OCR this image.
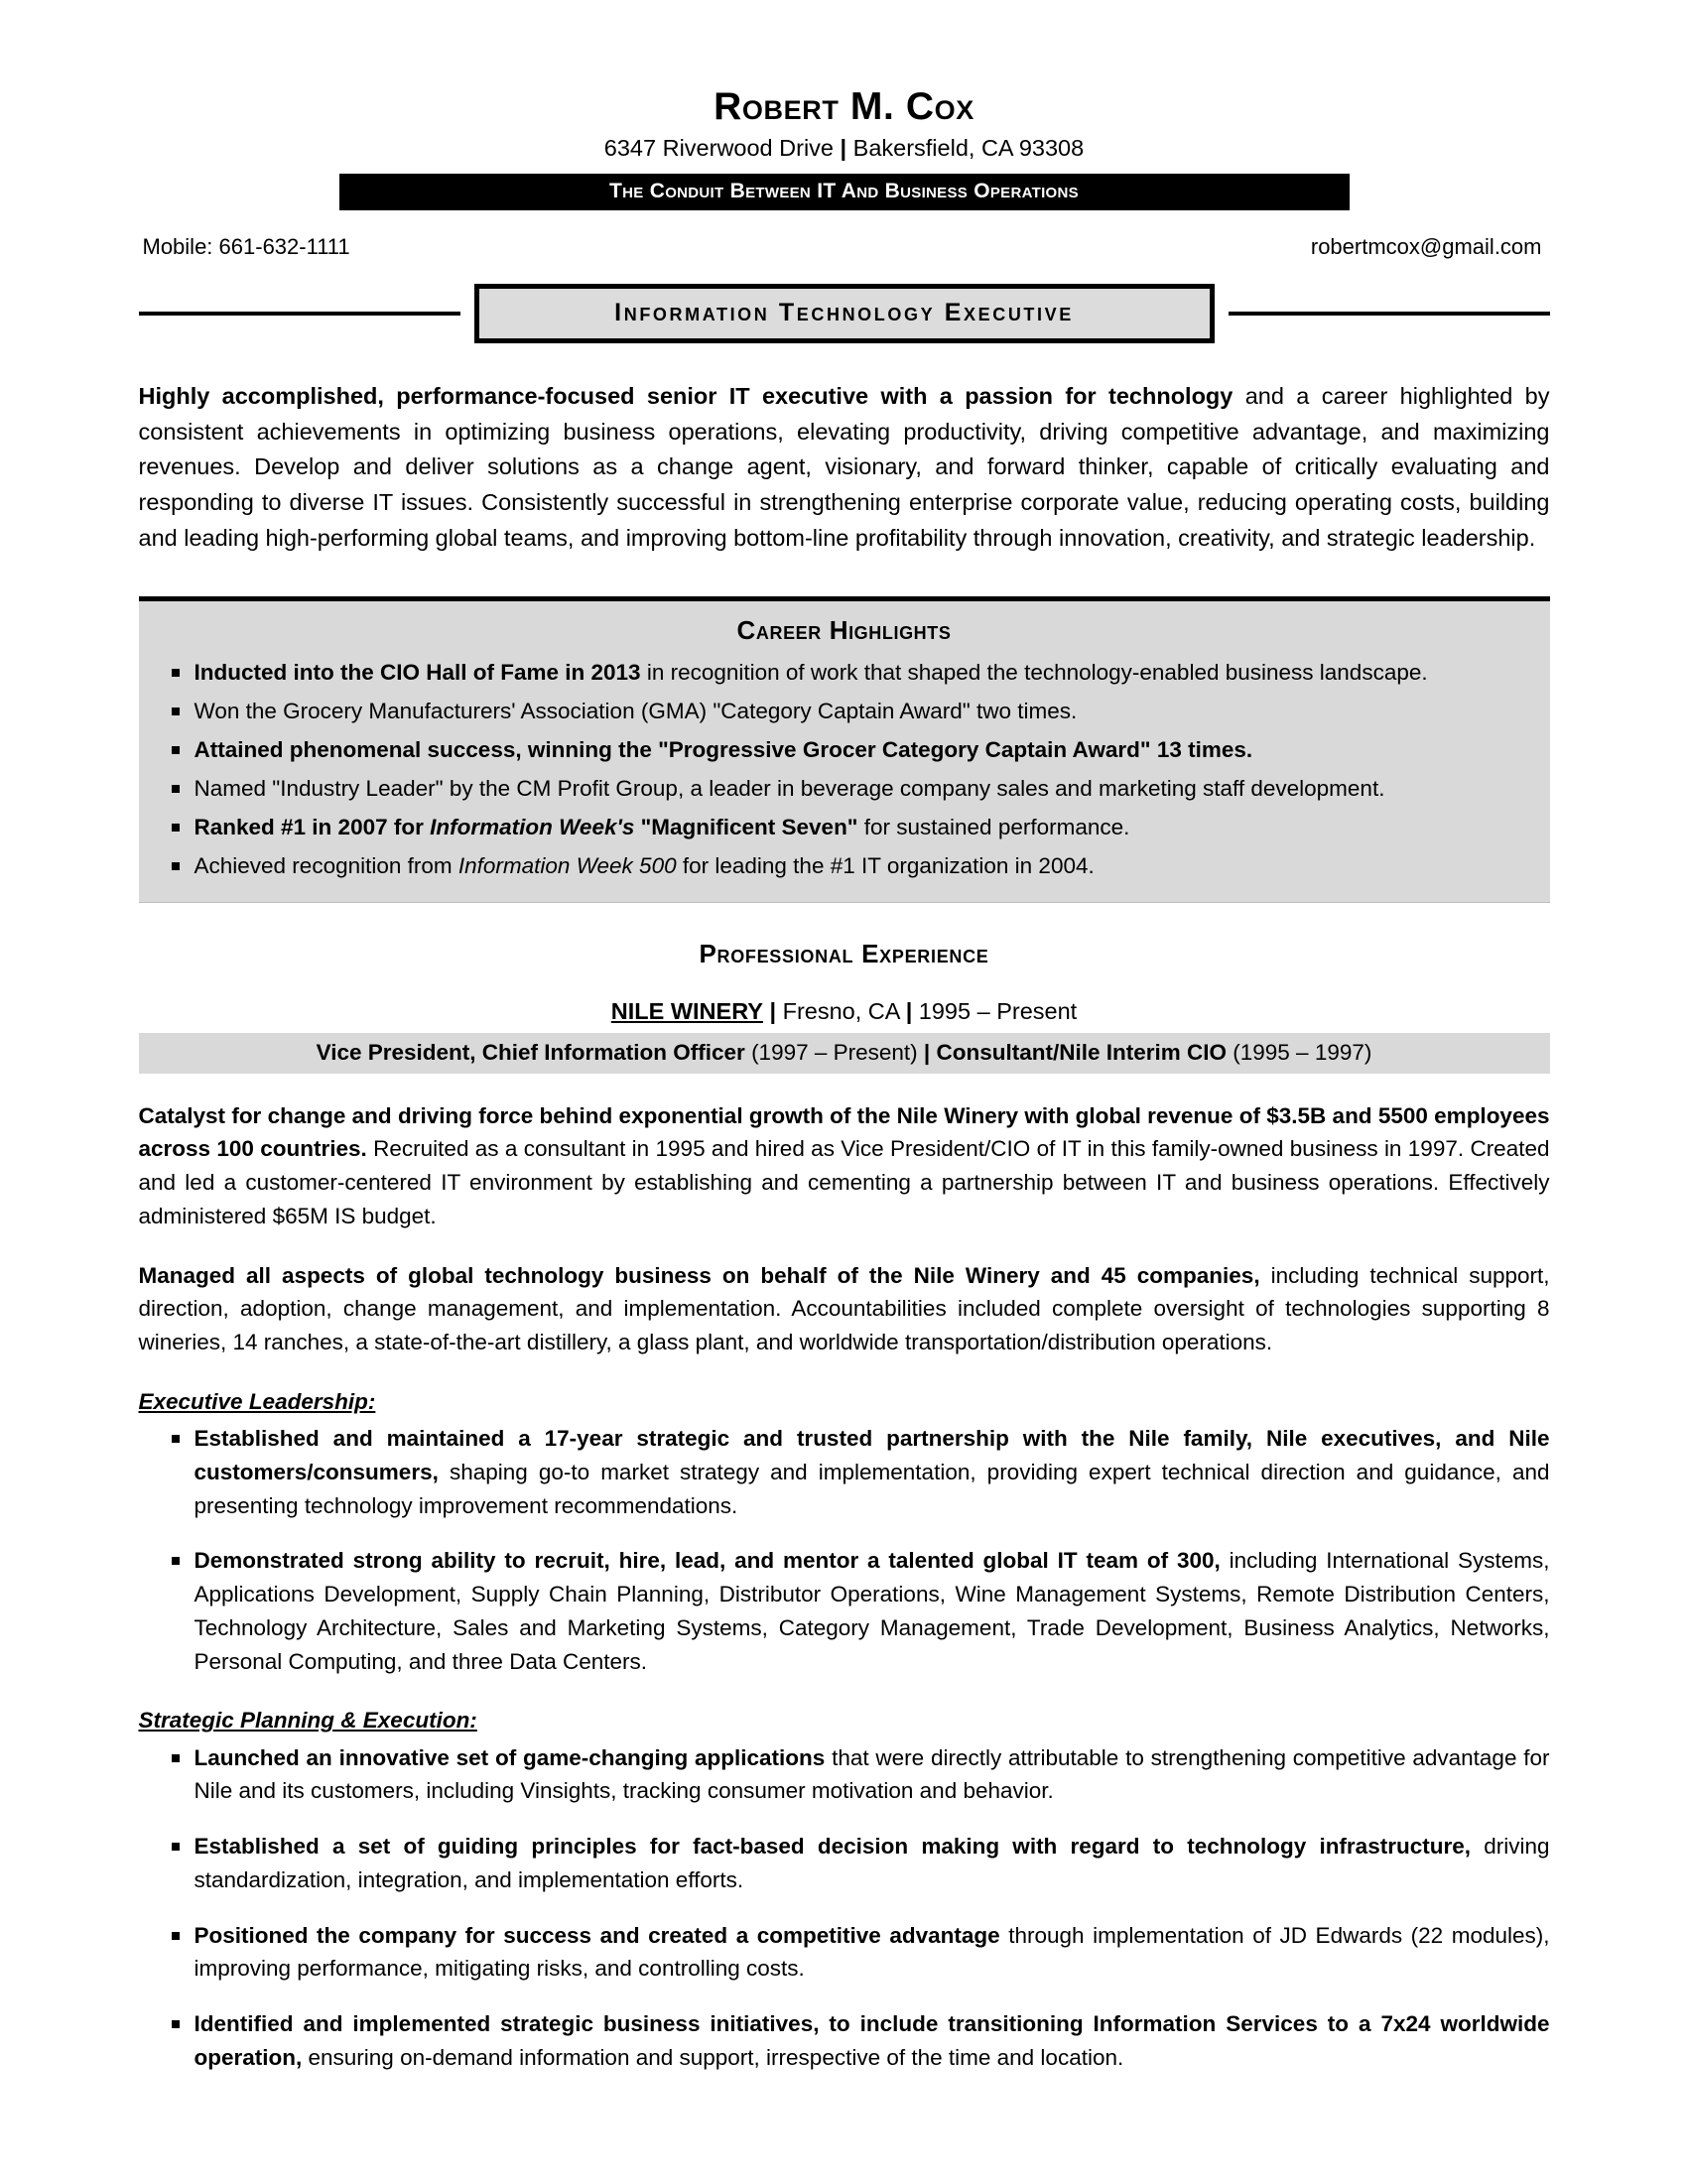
Robert M. Cox
6347 Riverwood Drive | Bakersfield, CA 93308
The Conduit Between IT And Business Operations
Mobile: 661-632-1111	robertmcox@gmail.com
Information Technology Executive

Highly accomplished, performance-focused senior IT executive with a passion for technology and a career highlighted by consistent achievements in optimizing business operations, elevating productivity, driving competitive advantage, and maximizing revenues. Develop and deliver solutions as a change agent, visionary, and forward thinker, capable of critically evaluating and responding to diverse IT issues. Consistently successful in strengthening enterprise corporate value, reducing operating costs, building and leading high-performing global teams, and improving bottom-line profitability through innovation, creativity, and strategic leadership.

Career Highlights
Inducted into the CIO Hall of Fame in 2013 in recognition of work that shaped the technology-enabled business landscape.
Won the Grocery Manufacturers' Association (GMA) "Category Captain Award" two times.
Attained phenomenal success, winning the "Progressive Grocer Category Captain Award" 13 times.
Named "Industry Leader" by the CM Profit Group, a leader in beverage company sales and marketing staff development.
Ranked #1 in 2007 for Information Week's "Magnificent Seven" for sustained performance.
Achieved recognition from Information Week 500 for leading the #1 IT organization in 2004.
Professional Experience
NILE WINERY | Fresno, CA | 1995 – Present
Vice President, Chief Information Officer (1997 – Present) | Consultant/Nile Interim CIO (1995 – 1997)

Catalyst for change and driving force behind exponential growth of the Nile Winery with global revenue of $3.5B and 5500 employees across 100 countries. Recruited as a consultant in 1995 and hired as Vice President/CIO of IT in this family-owned business in 1997. Created and led a customer-centered IT environment by establishing and cementing a partnership between IT and business operations. Effectively administered $65M IS budget.

Managed all aspects of global technology business on behalf of the Nile Winery and 45 companies, including technical support, direction, adoption, change management, and implementation. Accountabilities included complete oversight of technologies supporting 8 wineries, 14 ranches, a state-of-the-art distillery, a glass plant, and worldwide transportation/distribution operations.

Executive Leadership:
Established and maintained a 17-year strategic and trusted partnership with the Nile family, Nile executives, and Nile customers/consumers, shaping go-to market strategy and implementation, providing expert technical direction and guidance, and presenting technology improvement recommendations.
Demonstrated strong ability to recruit, hire, lead, and mentor a talented global IT team of 300, including International Systems, Applications Development, Supply Chain Planning, Distributor Operations, Wine Management Systems, Remote Distribution Centers, Technology Architecture, Sales and Marketing Systems, Category Management, Trade Development, Business Analytics, Networks, Personal Computing, and three Data Centers.
Strategic Planning & Execution:
Launched an innovative set of game-changing applications that were directly attributable to strengthening competitive advantage for Nile and its customers, including Vinsights, tracking consumer motivation and behavior.
Established a set of guiding principles for fact-based decision making with regard to technology infrastructure, driving standardization, integration, and implementation efforts.
Positioned the company for success and created a competitive advantage through implementation of JD Edwards (22 modules), improving performance, mitigating risks, and controlling costs.
Identified and implemented strategic business initiatives, to include transitioning Information Services to a 7x24 worldwide operation, ensuring on-demand information and support, irrespective of the time and location.
